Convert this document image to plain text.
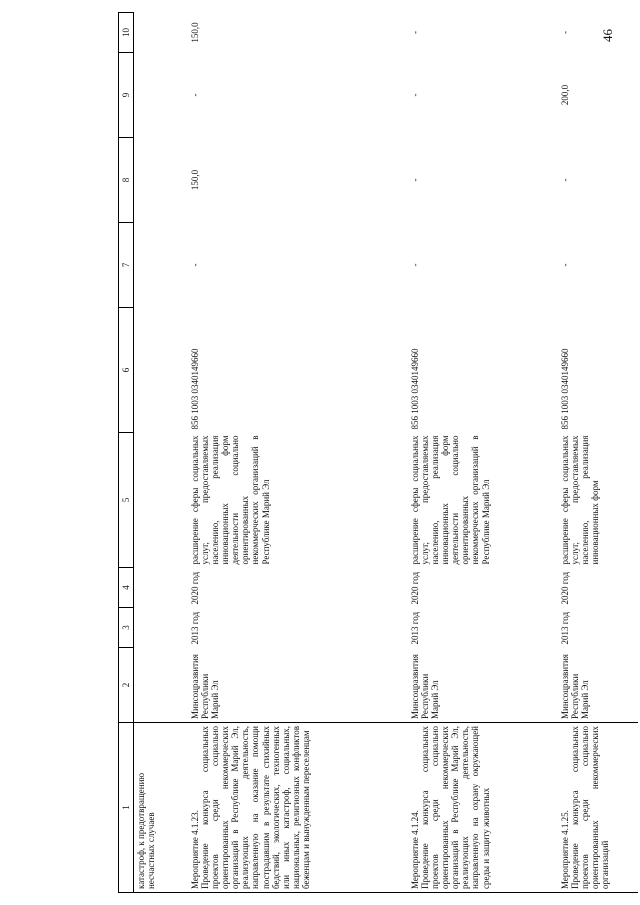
46
1	2	3	4	5	6	7	8	9	10
катастроф, к предотвращению несчастных случаев									

Мероприятие 4.1.23. Проведение конкурса социальных проектов среди социально ориентированных некоммерческих организаций в Республике Марий Эл, реализующих деятельность, направленную на оказание помощи пострадавшим в результате стихийных бедствий, экологических, техногенных или иных катастроф, социальных, национальных, религиозных конфликтов беженцам и вынужденным переселенцам	Минсоцразвития Республики Марий Эл	2013 год	2020 год	расширение сферы социальных услуг, предоставляемых населению, реализация инновационных форм деятельности социально ориентированных некоммерческих организаций в Республике Марий Эл	856 1003 0340149660	-	150,0	-	150,0

Мероприятие 4.1.24. Проведение конкурса социальных проектов среди социально ориентированных некоммерческих организаций в Республике Марий Эл, реализующих деятельность, направленную на охрану окружающей среды и защиту животных	Минсоцразвития Республики Марий Эл	2013 год	2020 год	расширение сферы социальных услуг, предоставляемых населению, реализация инновационных форм деятельности социально ориентированных некоммерческих организаций в Республике Марий Эл	856 1003 0340149660	-	-	-	-

Мероприятие 4.1.25. Проведение конкурса социальных проектов среди социально ориентированных некоммерческих организаций	Минсоцразвития Республики Марий Эл	2013 год	2020 год	расширение сферы социальных услуг, предоставляемых населению, реализация инновационных форм	856 1003 0340149660	-	-	200,0	-
